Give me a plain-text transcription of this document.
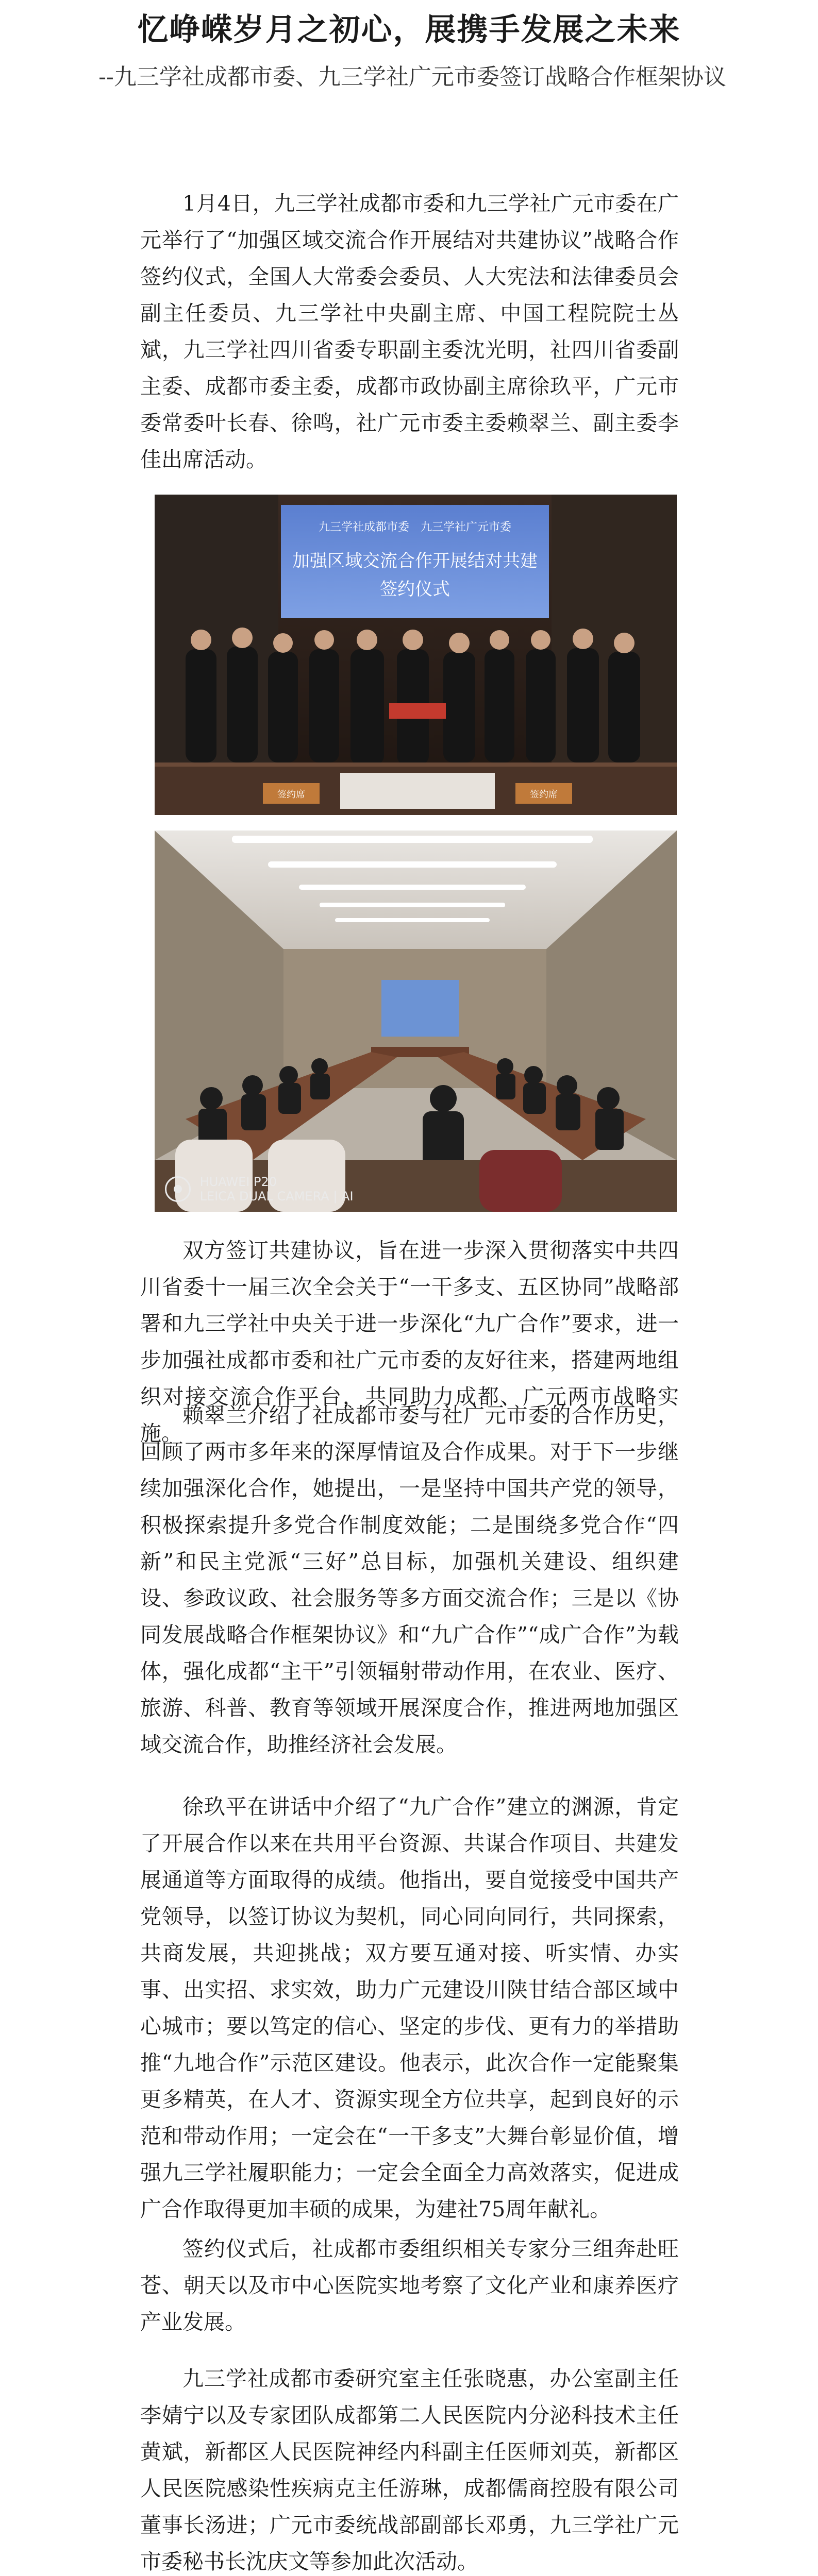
忆峥嵘岁月之初心，展携手发展之未来
--九三学社成都市委、九三学社广元市委签订战略合作框架协议

1月4日，九三学社成都市委和九三学社广元市委在广元举行了“加强区域交流合作开展结对共建协议”战略合作签约仪式，全国人大常委会委员、人大宪法和法律委员会副主任委员、九三学社中央副主席、中国工程院院士丛斌，九三学社四川省委专职副主委沈光明，社四川省委副主委、成都市委主委，成都市政协副主席徐玖平，广元市委常委叶长春、徐鸣，社广元市委主委赖翠兰、副主委李佳出席活动。

九三学社成都市委　九三学社广元市委
加强区域交流合作开展结对共建
签约仪式
签约席	签约席
HUAWEI P20
LEICA DUAL CAMERA | AI

双方签订共建协议，旨在进一步深入贯彻落实中共四川省委十一届三次全会关于“一干多支、五区协同”战略部署和九三学社中央关于进一步深化“九广合作”要求，进一步加强社成都市委和社广元市委的友好往来，搭建两地组织对接交流合作平台，共同助力成都、广元两市战略实施。

赖翠兰介绍了社成都市委与社广元市委的合作历史，回顾了两市多年来的深厚情谊及合作成果。对于下一步继续加强深化合作，她提出，一是坚持中国共产党的领导，积极探索提升多党合作制度效能；二是围绕多党合作“四新”和民主党派“三好”总目标，加强机关建设、组织建设、参政议政、社会服务等多方面交流合作；三是以《协同发展战略合作框架协议》和“九广合作”“成广合作”为载体，强化成都“主干”引领辐射带动作用，在农业、医疗、旅游、科普、教育等领域开展深度合作，推进两地加强区域交流合作，助推经济社会发展。

徐玖平在讲话中介绍了“九广合作”建立的渊源，肯定了开展合作以来在共用平台资源、共谋合作项目、共建发展通道等方面取得的成绩。他指出，要自觉接受中国共产党领导，以签订协议为契机，同心同向同行，共同探索，共商发展，共迎挑战；双方要互通对接、听实情、办实事、出实招、求实效，助力广元建设川陕甘结合部区域中心城市；要以笃定的信心、坚定的步伐、更有力的举措助推“九地合作”示范区建设。他表示，此次合作一定能聚集更多精英，在人才、资源实现全方位共享，起到良好的示范和带动作用；一定会在“一干多支”大舞台彰显价值，增强九三学社履职能力；一定会全面全力高效落实，促进成广合作取得更加丰硕的成果，为建社75周年献礼。

签约仪式后，社成都市委组织相关专家分三组奔赴旺苍、朝天以及市中心医院实地考察了文化产业和康养医疗产业发展。

九三学社成都市委研究室主任张晓惠，办公室副主任李婧宁以及专家团队成都第二人民医院内分泌科技术主任黄斌，新都区人民医院神经内科副主任医师刘英，新都区人民医院感染性疾病克主任游琳，成都儒商控股有限公司董事长汤进；广元市委统战部副部长邓勇，九三学社广元市委秘书长沈庆文等参加此次活动。
